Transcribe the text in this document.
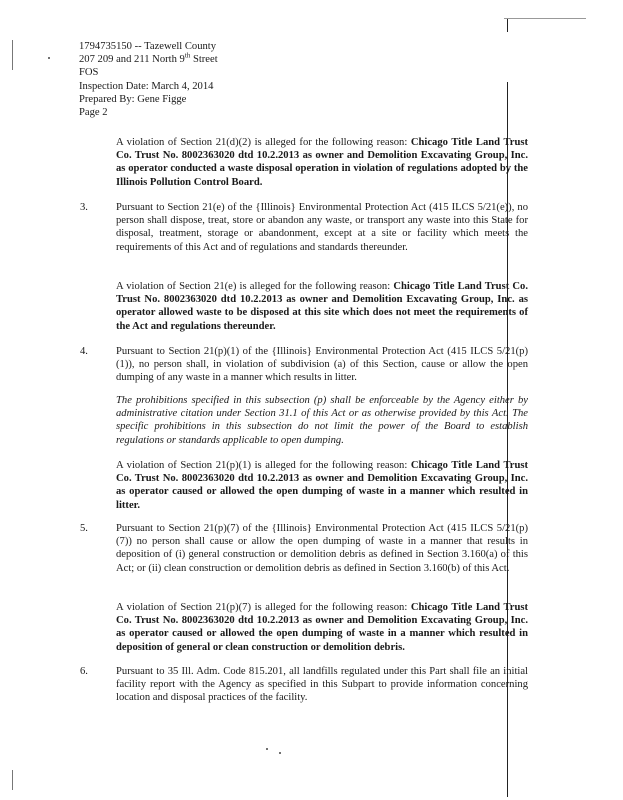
1794735150 -- Tazewell County
207 209 and 211 North 9th Street
FOS
Inspection Date: March 4, 2014
Prepared By: Gene Figge
Page 2
A violation of Section 21(d)(2) is alleged for the following reason: Chicago Title Land Trust Co. Trust No. 8002363020 dtd 10.2.2013 as owner and Demolition Excavating Group, Inc. as operator conducted a waste disposal operation in violation of regulations adopted by the Illinois Pollution Control Board.
3.	Pursuant to Section 21(e) of the {Illinois} Environmental Protection Act (415 ILCS 5/21(e)), no person shall dispose, treat, store or abandon any waste, or transport any waste into this State for disposal, treatment, storage or abandonment, except at a site or facility which meets the requirements of this Act and of regulations and standards thereunder.
A violation of Section 21(e) is alleged for the following reason: Chicago Title Land Trust Co. Trust No. 8002363020 dtd 10.2.2013 as owner and Demolition Excavating Group, Inc. as operator allowed waste to be disposed at this site which does not meet the requirements of the Act and regulations thereunder.
4.	Pursuant to Section 21(p)(1) of the {Illinois} Environmental Protection Act (415 ILCS 5/21(p)(1)), no person shall, in violation of subdivision (a) of this Section, cause or allow the open dumping of any waste in a manner which results in litter.
The prohibitions specified in this subsection (p) shall be enforceable by the Agency either by administrative citation under Section 31.1 of this Act or as otherwise provided by this Act. The specific prohibitions in this subsection do not limit the power of the Board to establish regulations or standards applicable to open dumping.
A violation of Section 21(p)(1) is alleged for the following reason: Chicago Title Land Trust Co. Trust No. 8002363020 dtd 10.2.2013 as owner and Demolition Excavating Group, Inc. as operator caused or allowed the open dumping of waste in a manner which resulted in litter.
5.	Pursuant to Section 21(p)(7) of the {Illinois} Environmental Protection Act (415 ILCS 5/21(p)(7)) no person shall cause or allow the open dumping of waste in a manner that results in deposition of (i) general construction or demolition debris as defined in Section 3.160(a) of this Act; or (ii) clean construction or demolition debris as defined in Section 3.160(b) of this Act.
A violation of Section 21(p)(7) is alleged for the following reason: Chicago Title Land Trust Co. Trust No. 8002363020 dtd 10.2.2013 as owner and Demolition Excavating Group, Inc. as operator caused or allowed the open dumping of waste in a manner which resulted in deposition of general or clean construction or demolition debris.
6.	Pursuant to 35 Ill. Adm. Code 815.201, all landfills regulated under this Part shall file an initial facility report with the Agency as specified in this Subpart to provide information concerning location and disposal practices of the facility.
